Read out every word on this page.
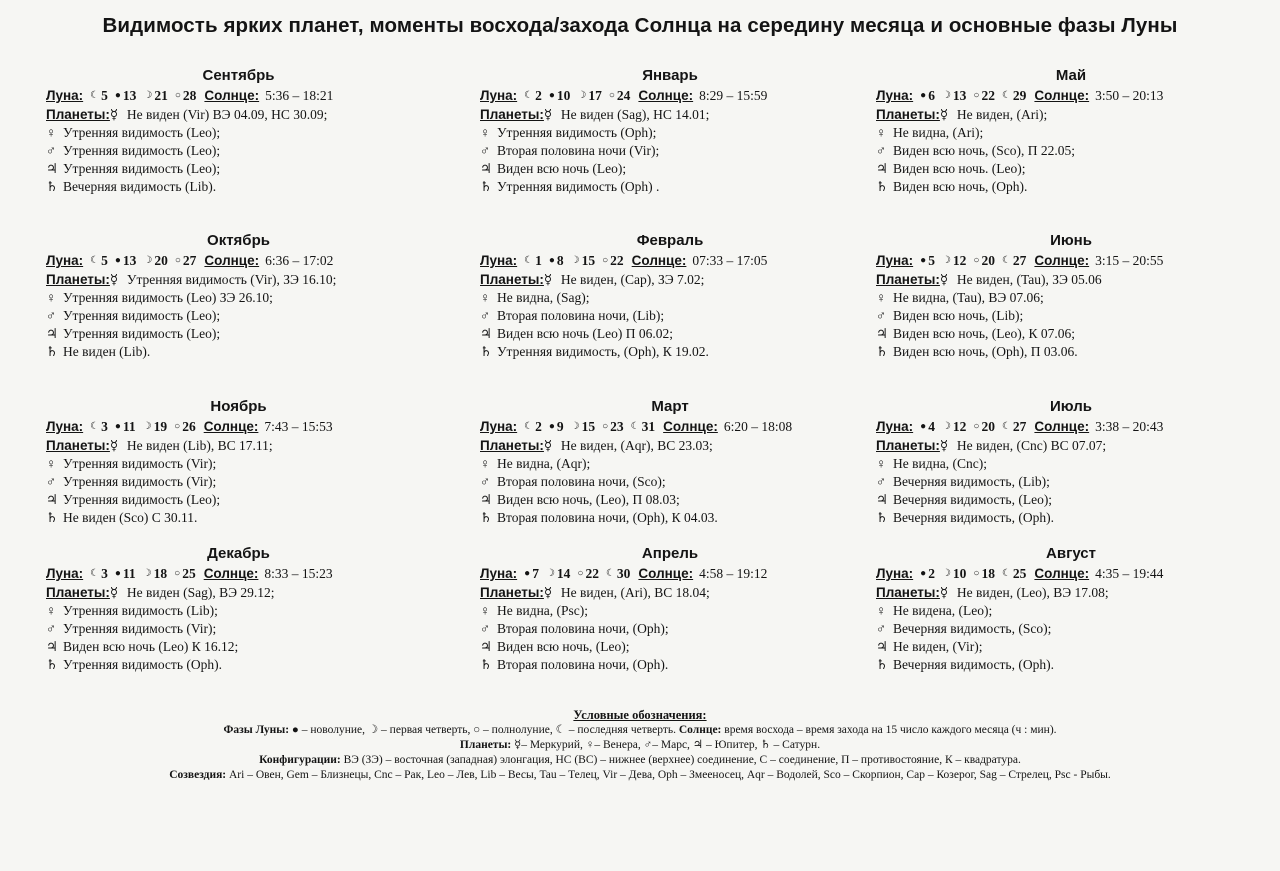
Видимость ярких планет, моменты восхода/захода Солнца на середину месяца и основные фазы Луны
Сентябрь
Луна: ☾ 5 ● 13 ☽ 21 ○ 28 Солнце: 5:36 – 18:21
Планеты:☿ Не виден (Vir) ВЭ 04.09, НС 30.09;
♀ Утренняя видимость (Leo);
♂ Утренняя видимость (Leo);
♃ Утренняя видимость (Leo);
♄ Вечерняя видимость (Lib).
Октябрь
Луна: ☾ 5 ● 13 ☽ 20 ○ 27 Солнце: 6:36 – 17:02
Планеты:☿ Утренняя видимость (Vir), ЗЭ 16.10;
♀ Утренняя видимость (Leo) ЗЭ 26.10;
♂ Утренняя видимость (Leo);
♃ Утренняя видимость (Leo);
♄ Не виден (Lib).
Ноябрь
Луна: ☾ 3 ● 11 ☽ 19 ○ 26 Солнце: 7:43 – 15:53
Планеты:☿ Не виден (Lib), ВС 17.11;
♀ Утренняя видимость (Vir);
♂ Утренняя видимость (Vir);
♃ Утренняя видимость (Leo);
♄ Не виден (Sco) С 30.11.
Декабрь
Луна: ☾ 3 ● 11 ☽ 18 ○ 25 Солнце: 8:33 – 15:23
Планеты:☿ Не виден (Sag), ВЭ 29.12;
♀ Утренняя видимость (Lib);
♂ Утренняя видимость (Vir);
♃ Виден всю ночь (Leo) К 16.12;
♄ Утренняя видимость (Oph).
Январь
Луна: ☾ 2 ● 10 ☽ 17 ○ 24 Солнце: 8:29 – 15:59
Планеты:☿ Не виден (Sag), НС 14.01;
♀ Утренняя видимость (Oph);
♂ Вторая половина ночи (Vir);
♃ Виден всю ночь (Leo);
♄ Утренняя видимость (Oph) .
Февраль
Луна: ☾ 1 ● 8 ☽ 15 ○ 22 Солнце: 07:33 – 17:05
Планеты:☿ Не виден, (Cap), ЗЭ 7.02;
♀ Не видна, (Sag);
♂ Вторая половина ночи, (Lib);
♃ Виден всю ночь (Leo) П 06.02;
♄ Утренняя видимость, (Oph), К 19.02.
Март
Луна: ☾ 2 ● 9 ☽ 15 ○ 23 ☾ 31 Солнце: 6:20 – 18:08
Планеты:☿ Не виден, (Aqr), ВС 23.03;
♀ Не видна, (Aqr);
♂ Вторая половина ночи, (Sco);
♃ Виден всю ночь, (Leo), П 08.03;
♄ Вторая половина ночи, (Oph), К 04.03.
Апрель
Луна: ● 7 ☽ 14 ○ 22 ☾ 30 Солнце: 4:58 – 19:12
Планеты:☿ Не виден, (Ari), ВС 18.04;
♀ Не видна, (Psc);
♂ Вторая половина ночи, (Oph);
♃ Виден всю ночь, (Leo);
♄ Вторая половина ночи, (Oph).
Май
Луна: ● 6 ☽ 13 ○ 22 ☾ 29 Солнце: 3:50 – 20:13
Планеты:☿ Не виден, (Ari);
♀ Не видна, (Ari);
♂ Виден всю ночь, (Sco), П 22.05;
♃ Виден всю ночь. (Leo);
♄ Виден всю ночь, (Oph).
Июнь
Луна: ● 5 ☽ 12 ○ 20 ☾ 27 Солнце: 3:15 – 20:55
Планеты:☿ Не виден, (Tau), ЗЭ 05.06
♀ Не видна, (Tau), ВЭ 07.06;
♂ Виден всю ночь, (Lib);
♃ Виден всю ночь, (Leo), К 07.06;
♄ Виден всю ночь, (Oph), П 03.06.
Июль
Луна: ● 4 ☽ 12 ○ 20 ☾ 27 Солнце: 3:38 – 20:43
Планеты:☿ Не виден, (Cnc) ВС 07.07;
♀ Не видна, (Cnc);
♂ Вечерняя видимость, (Lib);
♃ Вечерняя видимость, (Leo);
♄ Вечерняя видимость, (Oph).
Август
Луна: ● 2 ☽ 10 ○ 18 ☾ 25 Солнце: 4:35 – 19:44
Планеты:☿ Не виден, (Leo), ВЭ 17.08;
♀ Не видена, (Leo);
♂ Вечерняя видимость, (Sco);
♃ Не виден, (Vir);
♄ Вечерняя видимость, (Oph).
Условные обозначения:
Фазы Луны: ● – новолуние, ☽ – первая четверть, ○ – полнолуние, ☾ – последняя четверть. Солнце: время восхода – время захода на 15 число каждого месяца (ч : мин).
Планеты: ☿– Меркурий, ♀– Венера, ♂– Марс, ♃ – Юпитер, ♄ – Сатурн.
Конфигурации: ВЭ (ЗЭ) – восточная (западная) элонгация, НС (ВС) – нижнее (верхнее) соединение, С – соединение, П – противостояние, К – квадратура.
Созвездия: Ari – Овен, Gem – Близнецы, Cnc – Рак, Leo – Лев, Lib – Весы, Tau – Телец, Vir – Дева, Oph – Змееносец, Aqr – Водолей, Sco – Скорпион, Cap – Козерог, Sag – Стрелец, Psc - Рыбы.
